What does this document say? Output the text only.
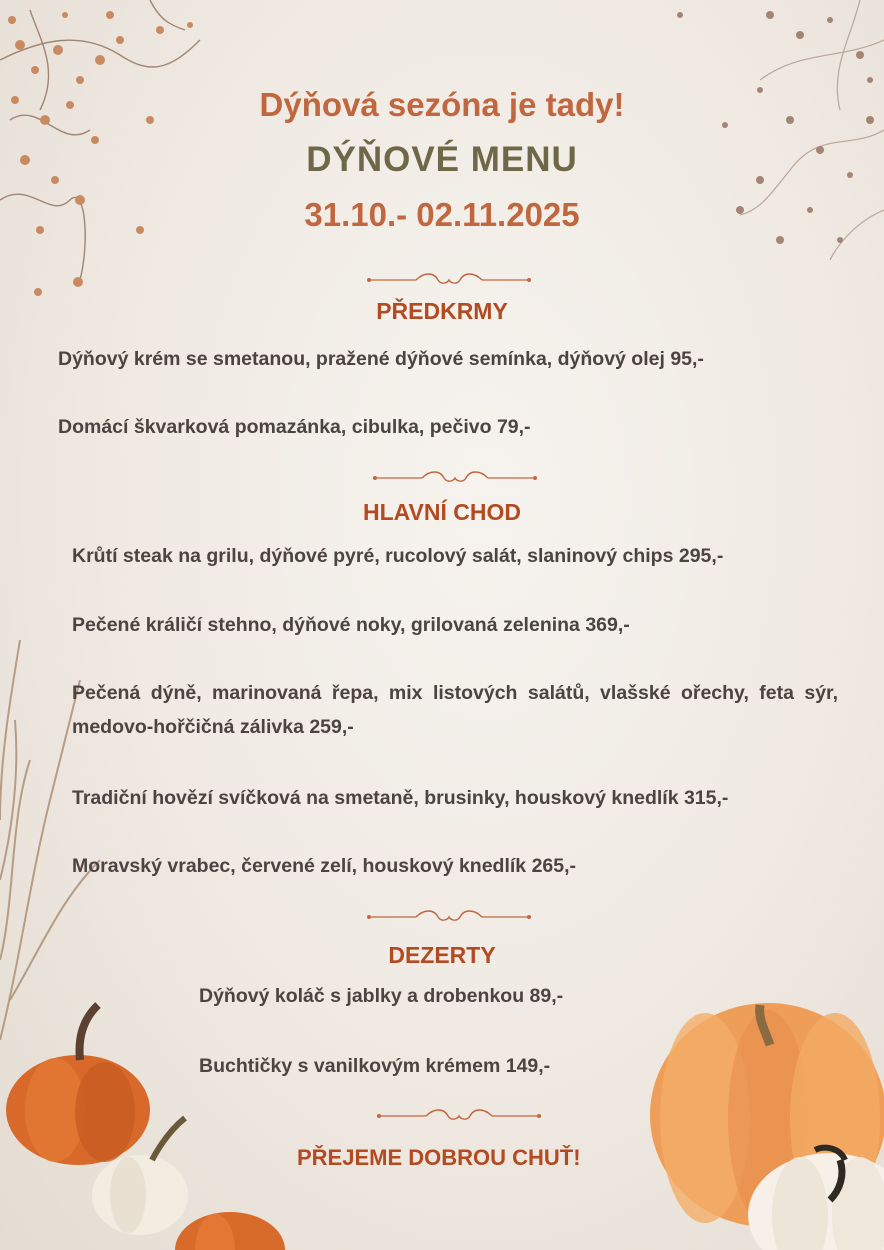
Dýňová sezóna je tady!
DÝŇOVÉ MENU
31.10.- 02.11.2025
PŘEDKRMY
Dýňový krém se smetanou, pražené dýňové semínka, dýňový olej 95,-
Domácí škvarková pomazánka, cibulka, pečivo 79,-
HLAVNÍ CHOD
Krůtí steak na grilu, dýňové pyré, rucolový salát, slaninový chips 295,-
Pečené králičí stehno, dýňové noky, grilovaná zelenina 369,-
Pečená dýně, marinovaná řepa, mix listových salátů, vlašské ořechy, feta sýr, medovo-hořčičná zálivka 259,-
Tradiční hovězí svíčková na smetaně, brusinky, houskový knedlík 315,-
Moravský vrabec, červené zelí, houskový knedlík 265,-
DEZERTY
Dýňový koláč s jablky a drobenkou 89,-
Buchtičky s vanilkovým krémem 149,-
PŘEJEME DOBROU CHUŤ!
